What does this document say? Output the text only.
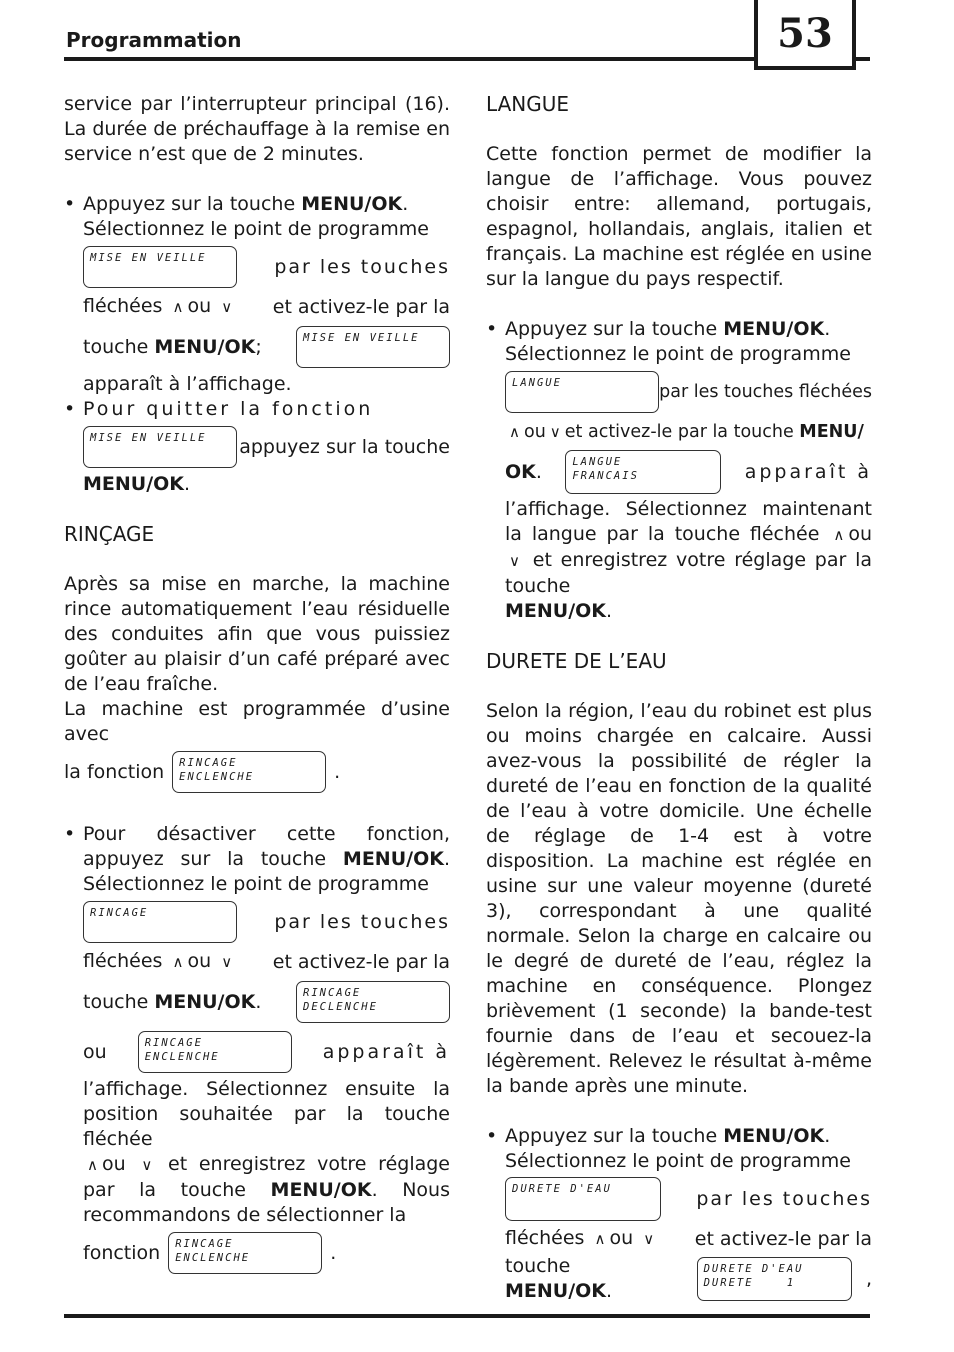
Programmation	53

service par l’interrupteur principal (16). La durée de préchauffage à la remise en service n’est que de 2 minutes.

• Appuyez sur la touche MENU/OK.

Sélectionnez le point de programme

MISE EN VEILLE	par les touches
fléchées ∧ ou ∨ et activez-le par la
touche MENU/OK;	MISE EN VEILLE

apparaît à l’affichage.

• Pour quitter la fonction

MISE EN VEILLE	appuyez sur la touche

MENU/OK.

RINÇAGE

Après sa mise en marche, la machine rince automatiquement l’eau résiduelle des conduites afin que vous puissiez goûter au plaisir d’un café préparé avec de l’eau fraîche.

La machine est programmée d’usine avec

la fonction RINCAGE
ENCLENCHE	.

• Pour désactiver cette fonction, appuyez sur la touche MENU/OK. Sélectionnez le point de programme

RINCAGE	par les touches
fléchées ∧ ou ∨ et activez-le par la
touche MENU/OK.	RINCAGE
DECLENCHE
ou	RINCAGE
ENCLENCHE	apparaît à

l’affichage. Sélectionnez ensuite la position souhaitée par la touche fléchée

∧ ou ∨ et enregistrez votre réglage par la touche MENU/OK. Nous recommandons de sélectionner la

fonction RINCAGE
ENCLENCHE	.

LANGUE

Cette fonction permet de modifier la langue de l’affichage. Vous pouvez choisir entre: allemand, portugais, espagnol, hollandais, anglais, italien et français. La machine est réglée en usine sur la langue du pays respectif.

• Appuyez sur la touche MENU/OK.

Sélectionnez le point de programme

LANGUE	par les touches fléchées

∧ ou ∨ et activez-le par la touche MENU/

OK.	LANGUE
FRANCAIS	apparaît à

l’affichage. Sélectionnez maintenant la langue par la touche fléchée ∧ ou ∨ et enregistrez votre réglage par la touche

MENU/OK.

DURETE DE L’EAU

Selon la région, l’eau du robinet est plus ou moins chargée en calcaire. Aussi avez-vous la possibilité de régler la dureté de l’eau en fonction de la qualité de l’eau à votre domicile. Une échelle de réglage de 1-4 est à votre disposition. La machine est réglée en usine sur une valeur moyenne (dureté 3), correspondant à une qualité normale. Selon la charge en calcaire ou le degré de dureté de l’eau, réglez la machine en conséquence. Plongez brièvement (1 seconde) la bande-test fournie dans de l’eau et secouez-la légèrement. Relevez le résultat à-même la bande après une minute.

• Appuyez sur la touche MENU/OK.

Sélectionnez le point de programme

DURETE D'EAU	par les touches
fléchées ∧ ou ∨ et activez-le par la
touche MENU/OK.
DURETE D'EAU
DURETE    1	,
